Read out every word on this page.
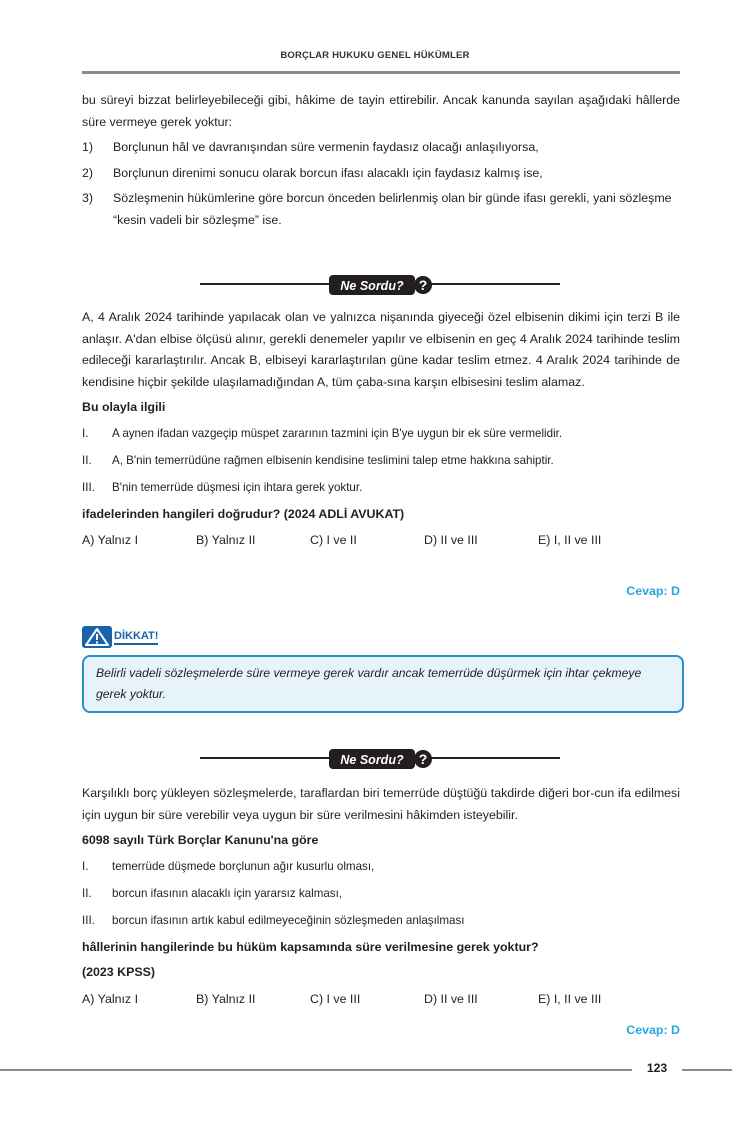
BORÇLAR HUKUKU GENEL HÜKÜMLER

bu süreyi bizzat belirleyebileceği gibi, hâkime de tayin ettirebilir. Ancak kanunda sayılan aşağıdaki hâllerde süre vermeye gerek yoktur:

1)	Borçlunun hâl ve davranışından süre vermenin faydasız olacağı anlaşılıyorsa,
2)	Borçlunun direnimi sonucu olarak borcun ifası alacaklı için faydasız kalmış ise,
3)	Sözleşmenin hükümlerine göre borcun önceden belirlenmiş olan bir günde ifası gerekli, yani sözleşme “kesin vadeli bir sözleşme” ise.
Ne Sordu? ?

A, 4 Aralık 2024 tarihinde yapılacak olan ve yalnızca nişanında giyeceği özel elbisenin dikimi için terzi B ile anlaşır. A'dan elbise ölçüsü alınır, gerekli denemeler yapılır ve elbisenin en geç 4 Aralık 2024 tarihinde teslim edileceği kararlaştırılır. Ancak B, elbiseyi kararlaştırılan güne kadar teslim etmez. 4 Aralık 2024 tarihinde de kendisine hiçbir şekilde ulaşılamadığından A, tüm çaba-sına karşın elbisesini teslim alamaz.

Bu olayla ilgili

I.	A aynen ifadan vazgeçip müspet zararının tazmini için B'ye uygun bir ek süre vermelidir.
II.	A, B'nin temerrüdüne rağmen elbisenin kendisine teslimini talep etme hakkına sahiptir.
III.	B'nin temerrüde düşmesi için ihtara gerek yoktur.

ifadelerinden hangileri doğrudur? (2024 ADLİ AVUKAT)

A) Yalnız I	B) Yalnız II	C) I ve II	D) II ve III	E) I, II ve III
Cevap: D
DİKKAT!
Belirli vadeli sözleşmelerde süre vermeye gerek vardır ancak temerrüde düşürmek için ihtar çekmeye gerek yoktur.
Ne Sordu? ?

Karşılıklı borç yükleyen sözleşmelerde, taraflardan biri temerrüde düştüğü takdirde diğeri bor-cun ifa edilmesi için uygun bir süre verebilir veya uygun bir süre verilmesini hâkimden isteyebilir.

6098 sayılı Türk Borçlar Kanunu'na göre

I.	temerrüde düşmede borçlunun ağır kusurlu olması,
II.	borcun ifasının alacaklı için yararsız kalması,
III.	borcun ifasının artık kabul edilmeyeceğinin sözleşmeden anlaşılması

hâllerinin hangilerinde bu hüküm kapsamında süre verilmesine gerek yoktur?

(2023 KPSS)

A) Yalnız I	B) Yalnız II	C) I ve III	D) II ve III	E) I, II ve III
Cevap: D
123
